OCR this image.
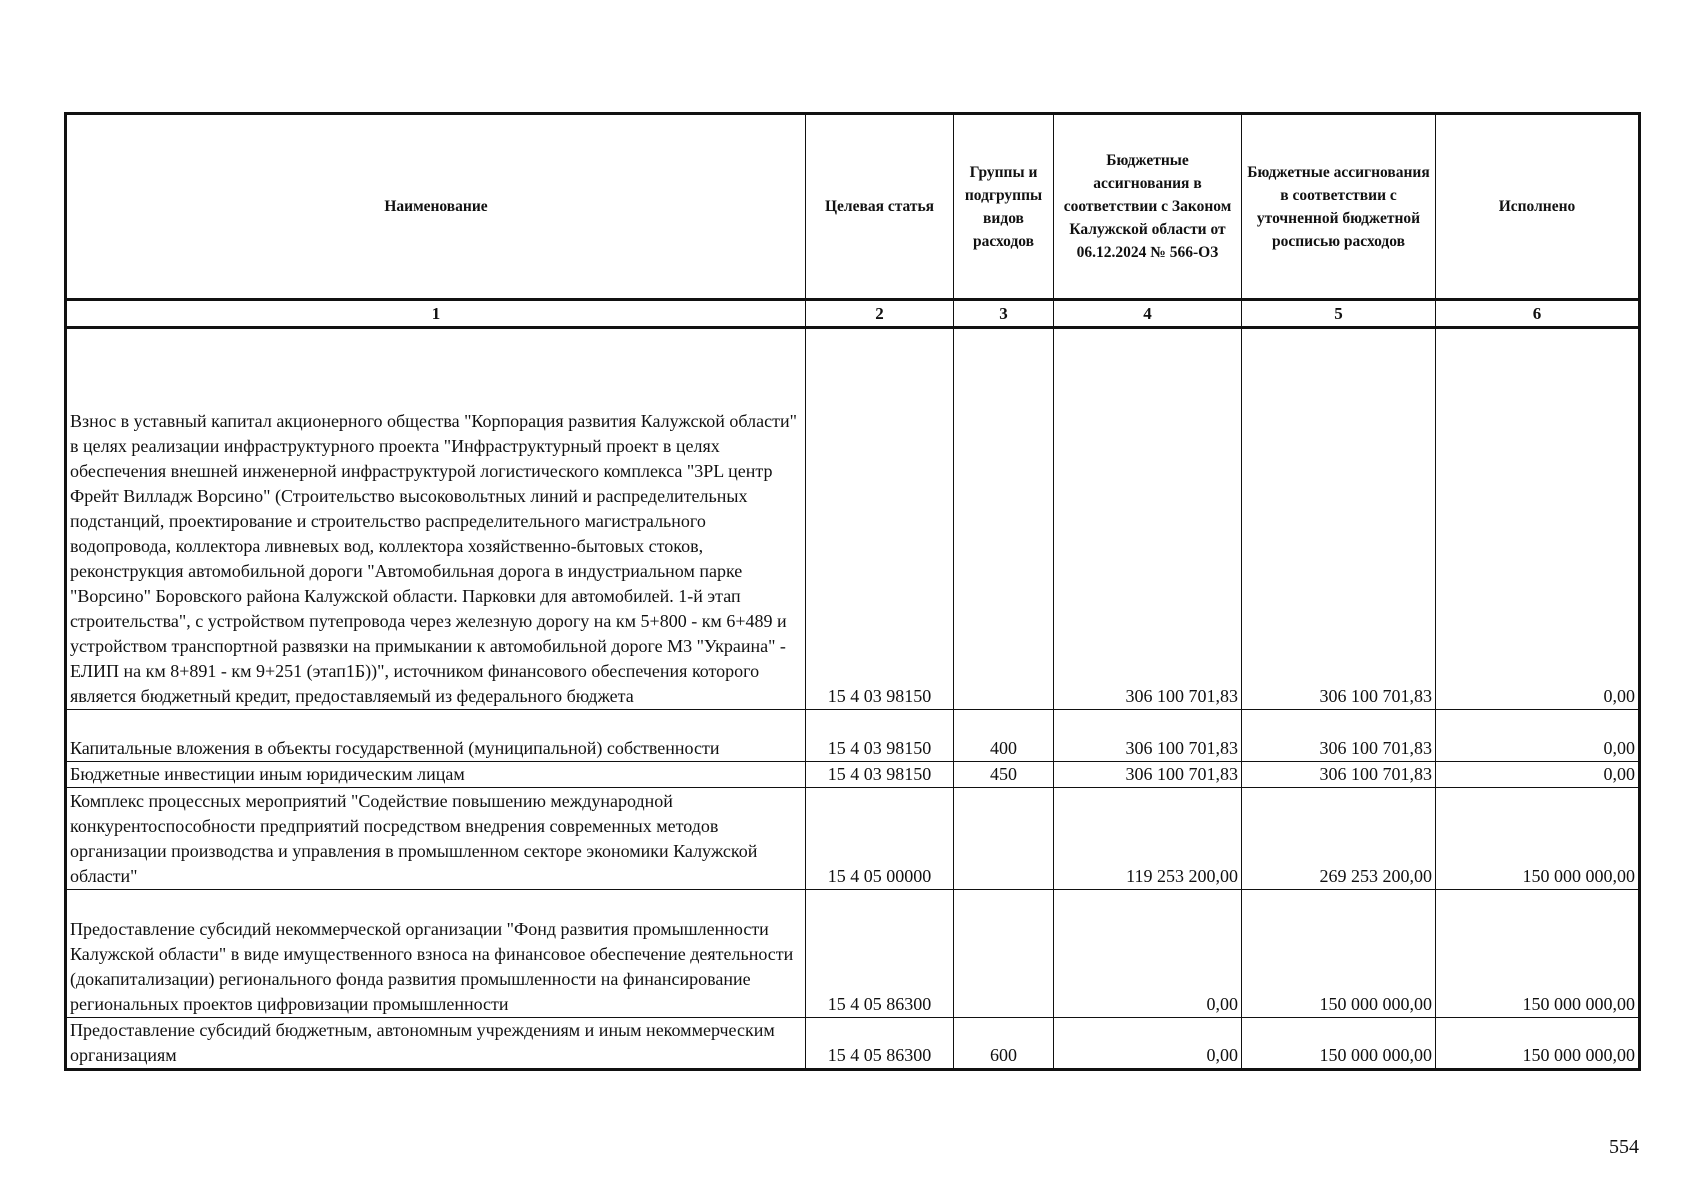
Наименование	Целевая статья	Группы и подгруппы видов расходов	Бюджетные ассигнования в соответствии с Законом Калужской области от 06.12.2024 № 566-ОЗ	Бюджетные ассигнования в соответствии с уточненной бюджетной росписью расходов	Исполнено
1	2	3	4	5	6
Взнос в уставный капитал акционерного общества "Корпорация развития Калужской области" в целях реализации инфраструктурного проекта "Инфраструктурный проект в целях обеспечения внешней инженерной инфраструктурой логистического комплекса "3PL центр Фрейт Вилладж Ворсино" (Строительство высоковольтных линий и распределительных подстанций, проектирование и строительство распределительного магистрального водопровода, коллектора ливневых вод, коллектора хозяйственно-бытовых стоков, реконструкция автомобильной дороги "Автомобильная дорога в индустриальном парке "Ворсино" Боровского района Калужской области. Парковки для автомобилей. 1-й этап строительства", с устройством путепровода через железную дорогу на км 5+800 - км 6+489 и устройством транспортной развязки на примыкании к автомобильной дороге М3 "Украина" - ЕЛИП на км 8+891 - км 9+251 (этап1Б))", источником финансового обеспечения которого является бюджетный кредит, предоставляемый из федерального бюджета	15 4 03 98150		306 100 701,83	306 100 701,83	0,00
Капитальные вложения в объекты государственной (муниципальной) собственности	15 4 03 98150	400	306 100 701,83	306 100 701,83	0,00
Бюджетные инвестиции иным юридическим лицам	15 4 03 98150	450	306 100 701,83	306 100 701,83	0,00
Комплекс процессных мероприятий "Содействие повышению международной конкурентоспособности предприятий посредством внедрения современных методов организации производства и управления в промышленном секторе экономики Калужской области"	15 4 05 00000		119 253 200,00	269 253 200,00	150 000 000,00
Предоставление субсидий некоммерческой организации "Фонд развития промышленности Калужской области" в виде имущественного взноса на финансовое обеспечение деятельности (докапитализации) регионального фонда развития промышленности на финансирование региональных проектов цифровизации промышленности	15 4 05 86300		0,00	150 000 000,00	150 000 000,00
Предоставление субсидий бюджетным, автономным учреждениям и иным некоммерческим организациям	15 4 05 86300	600	0,00	150 000 000,00	150 000 000,00
554
